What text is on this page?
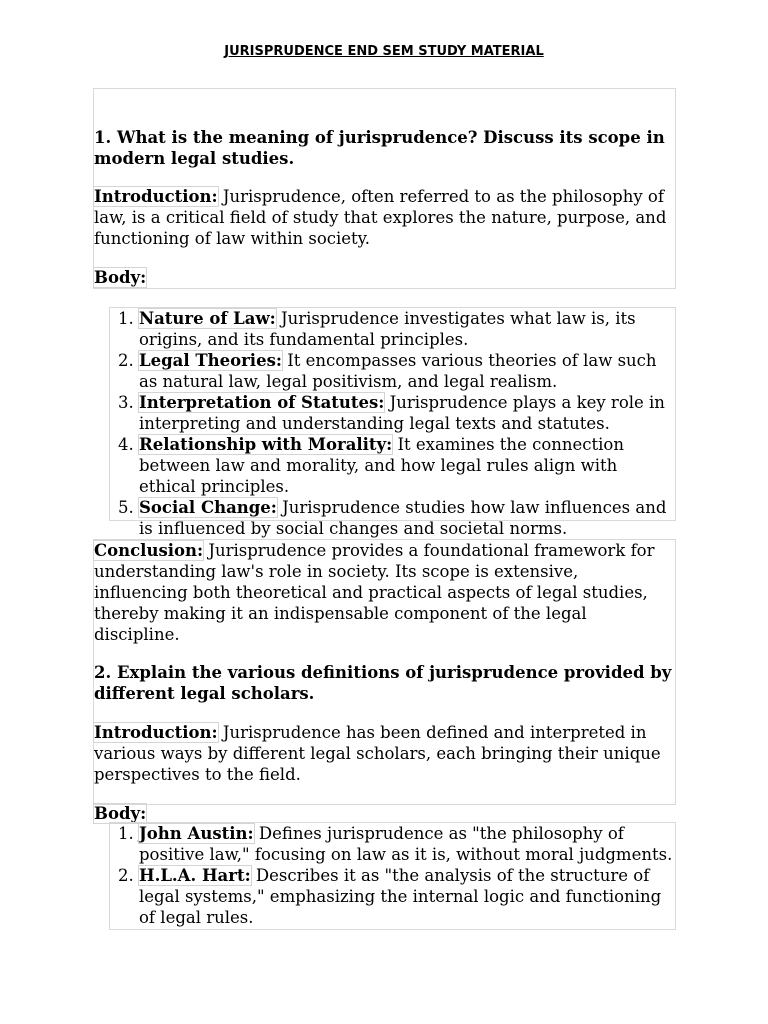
JURISPRUDENCE END SEM STUDY MATERIAL

1. What is the meaning of jurisprudence? Discuss its scope in modern legal studies.

Introduction: Jurisprudence, often referred to as the philosophy of law, is a critical field of study that explores the nature, purpose, and functioning of law within society.

Body:

1. Nature of Law: Jurisprudence investigates what law is, its origins, and its fundamental principles.
2. Legal Theories: It encompasses various theories of law such as natural law, legal positivism, and legal realism.
3. Interpretation of Statutes: Jurisprudence plays a key role in interpreting and understanding legal texts and statutes.
4. Relationship with Morality: It examines the connection between law and morality, and how legal rules align with ethical principles.
5. Social Change: Jurisprudence studies how law influences and is influenced by social changes and societal norms.

Conclusion: Jurisprudence provides a foundational framework for understanding law's role in society. Its scope is extensive, influencing both theoretical and practical aspects of legal studies, thereby making it an indispensable component of the legal discipline.

2. Explain the various definitions of jurisprudence provided by different legal scholars.

Introduction: Jurisprudence has been defined and interpreted in various ways by different legal scholars, each bringing their unique perspectives to the field.

Body:

1. John Austin: Defines jurisprudence as "the philosophy of positive law," focusing on law as it is, without moral judgments.
2. H.L.A. Hart: Describes it as "the analysis of the structure of legal systems," emphasizing the internal logic and functioning of legal rules.
